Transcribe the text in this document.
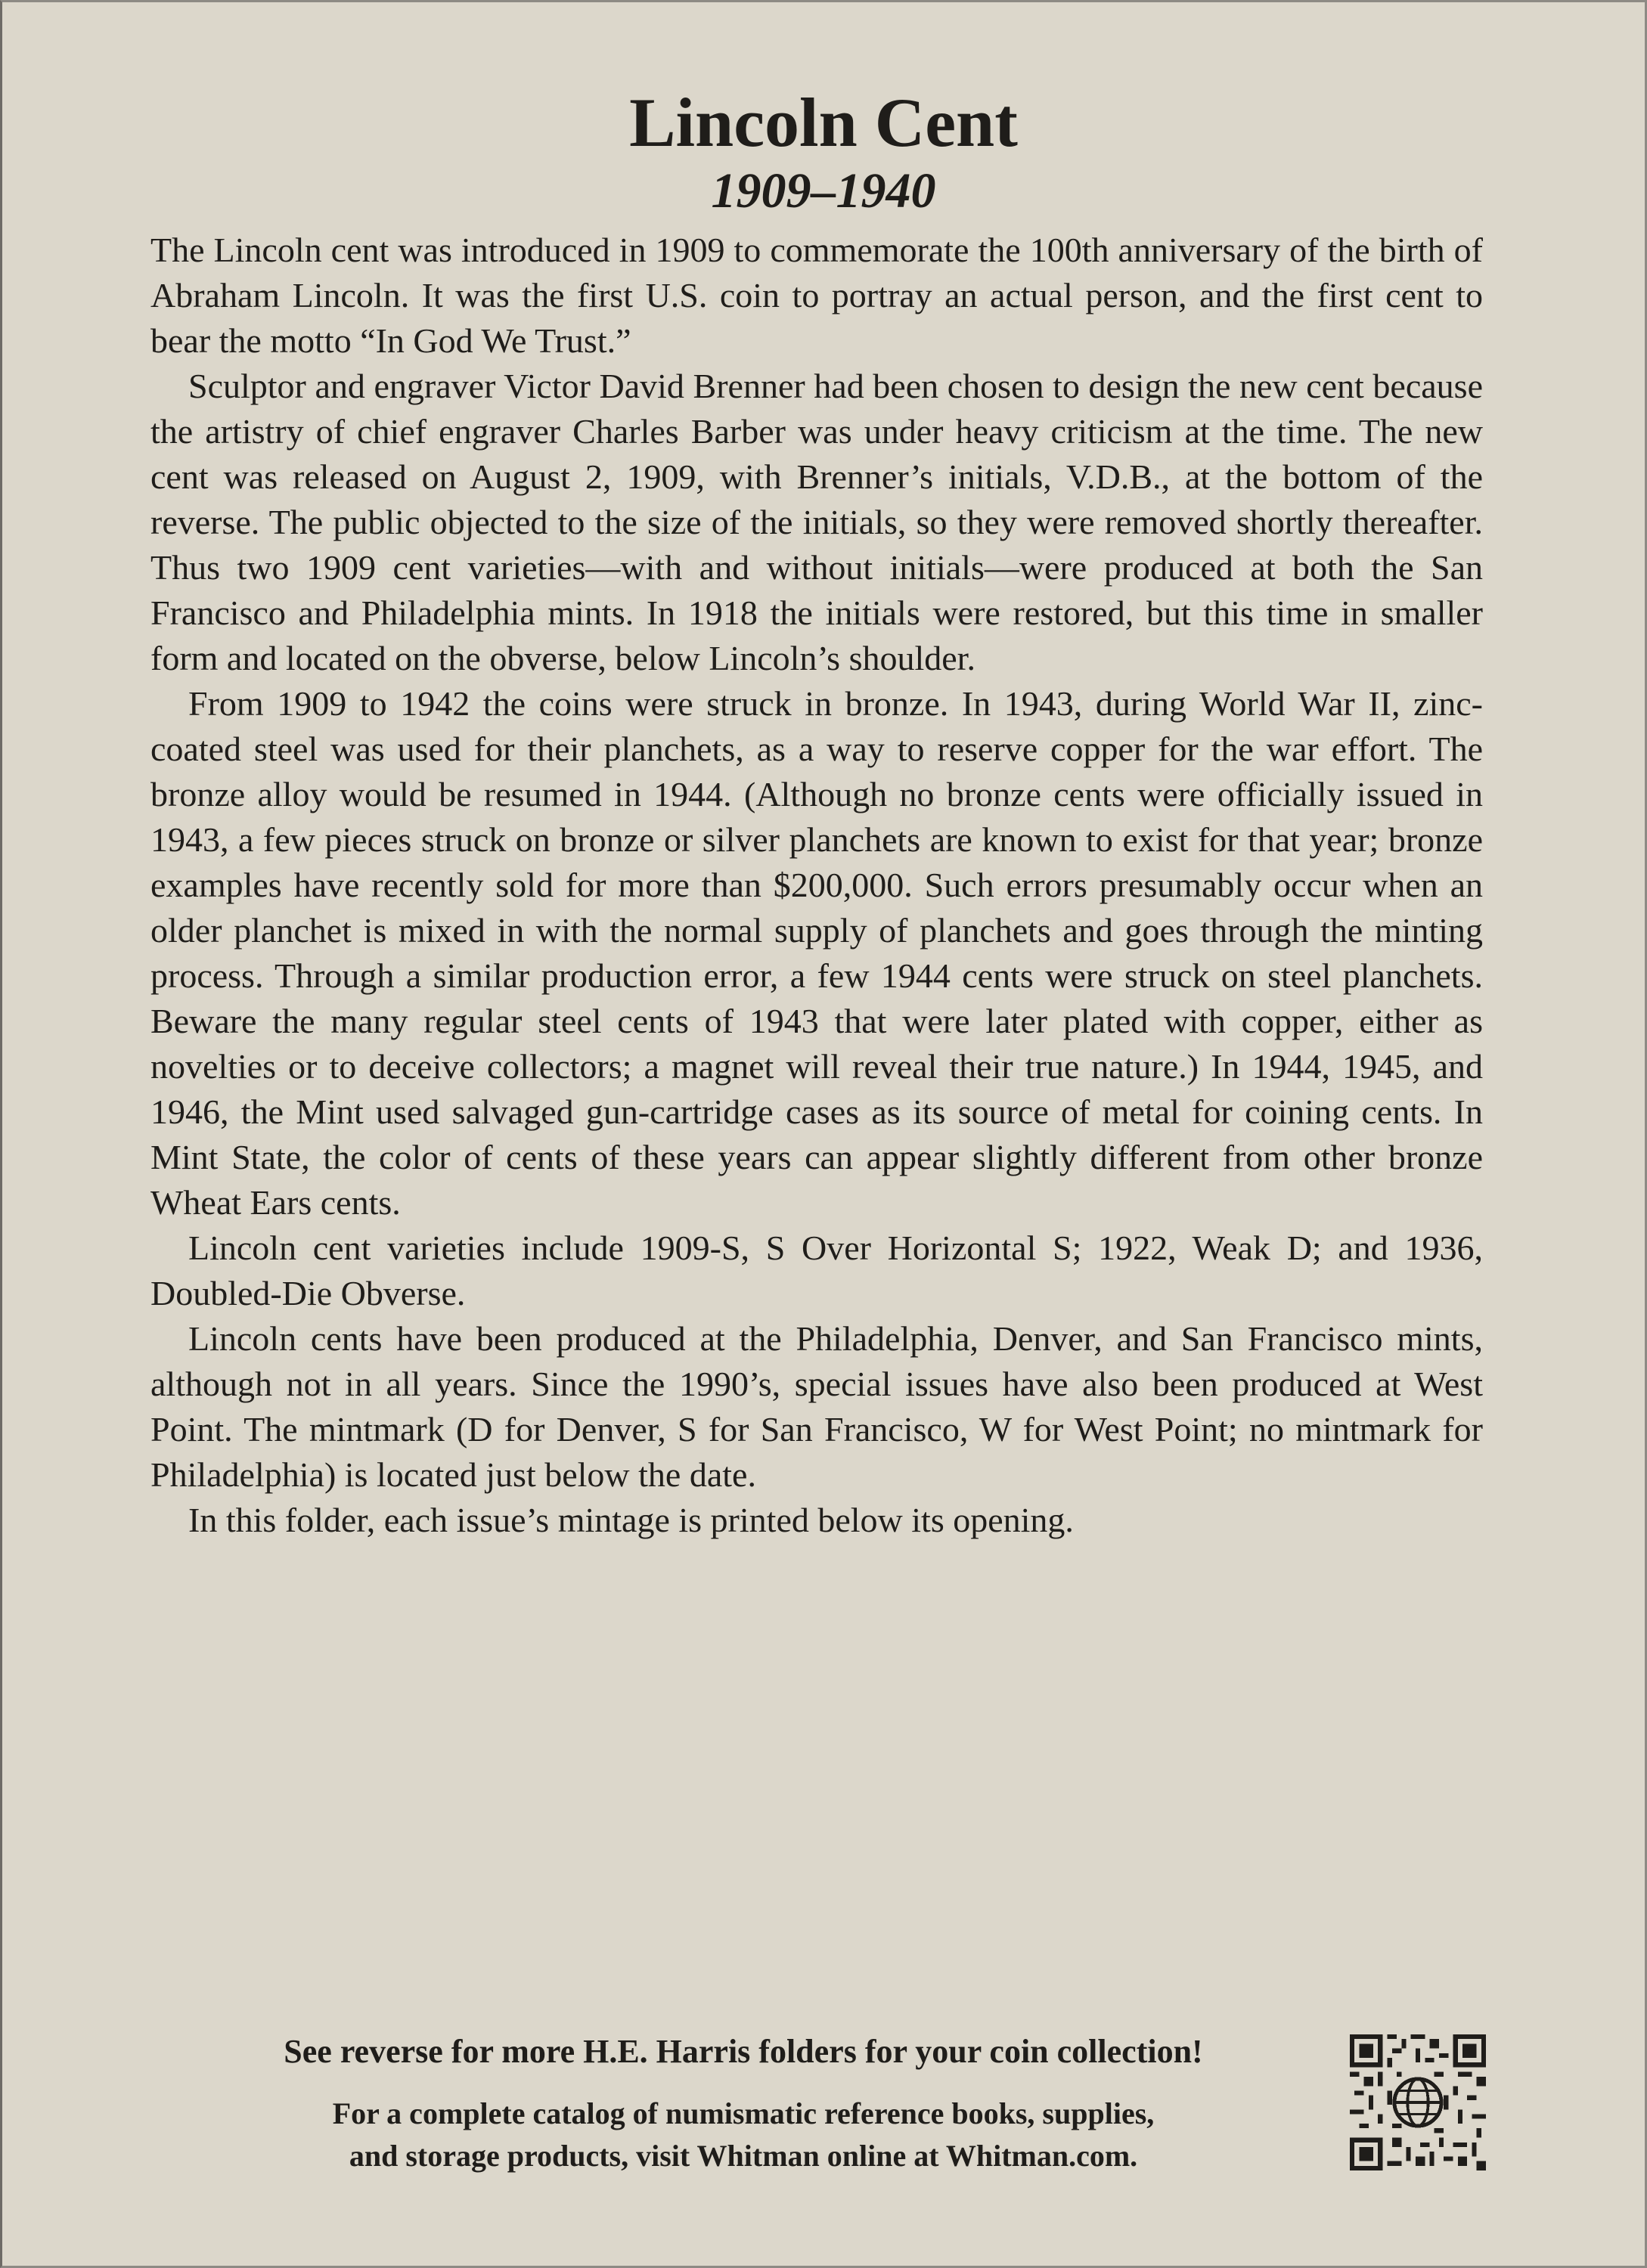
Lincoln Cent
1909–1940

The Lincoln cent was introduced in 1909 to commemorate the 100th anniversary of the birth of Abraham Lincoln. It was the first U.S. coin to portray an actual person, and the first cent to bear the motto “In God We Trust.”

Sculptor and engraver Victor David Brenner had been chosen to design the new cent because the artistry of chief engraver Charles Barber was under heavy criticism at the time. The new cent was released on August 2, 1909, with Brenner’s initials, V.D.B., at the bottom of the reverse. The public objected to the size of the initials, so they were removed shortly thereafter. Thus two 1909 cent varieties—with and without initials—were produced at both the San Francisco and Philadelphia mints. In 1918 the initials were restored, but this time in smaller form and located on the obverse, below Lincoln’s shoulder.

From 1909 to 1942 the coins were struck in bronze. In 1943, during World War II, zinc-coated steel was used for their planchets, as a way to reserve copper for the war effort. The bronze alloy would be resumed in 1944. (Although no bronze cents were officially issued in 1943, a few pieces struck on bronze or silver planchets are known to exist for that year; bronze examples have recently sold for more than $200,000. Such errors presumably occur when an older planchet is mixed in with the normal supply of planchets and goes through the minting process. Through a similar production error, a few 1944 cents were struck on steel planchets. Beware the many regular steel cents of 1943 that were later plated with copper, either as novelties or to deceive collectors; a magnet will reveal their true nature.) In 1944, 1945, and 1946, the Mint used salvaged gun-cartridge cases as its source of metal for coining cents. In Mint State, the color of cents of these years can appear slightly different from other bronze Wheat Ears cents.

Lincoln cent varieties include 1909-S, S Over Horizontal S; 1922, Weak D; and 1936, Doubled-Die Obverse.

Lincoln cents have been produced at the Philadelphia, Denver, and San Francisco mints, although not in all years. Since the 1990’s, special issues have also been produced at West Point. The mintmark (D for Denver, S for San Francisco, W for West Point; no mintmark for Philadelphia) is located just below the date.

In this folder, each issue’s mintage is printed below its opening.

See reverse for more H.E. Harris folders for your coin collection!
For a complete catalog of numismatic reference books, supplies,
and storage products, visit Whitman online at Whitman.com.
